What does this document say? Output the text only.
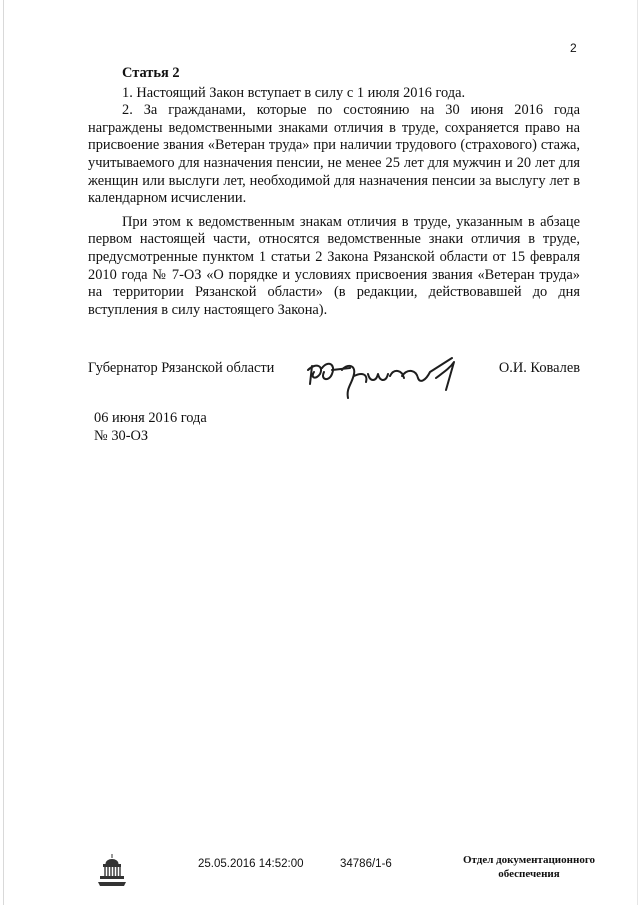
2
Статья 2

1. Настоящий Закон вступает в силу с 1 июля 2016 года.

2. За гражданами, которые по состоянию на 30 июня 2016 года награждены ведомственными знаками отличия в труде, сохраняется право на присвоение звания «Ветеран труда» при наличии трудового (страхового) стажа, учитываемого для назначения пенсии, не менее 25 лет для мужчин и 20 лет для женщин или выслуги лет, необходимой для назначения пенсии за выслугу лет в календарном исчислении.

При этом к ведомственным знакам отличия в труде, указанным в абзаце первом настоящей части, относятся ведомственные знаки отличия в труде, предусмотренные пунктом 1 статьи 2 Закона Рязанской области от 15 февраля 2010 года № 7-ОЗ «О порядке и условиях присвоения звания «Ветеран труда» на территории Рязанской области» (в редакции, действовавшей до дня вступления в силу настоящего Закона).

Губернатор Рязанской области	О.И. Ковалев
06 июня 2016 года
№ 30-ОЗ
25.05.2016 14:52:00	34786/1-6	Отдел документационного
обеспечения
